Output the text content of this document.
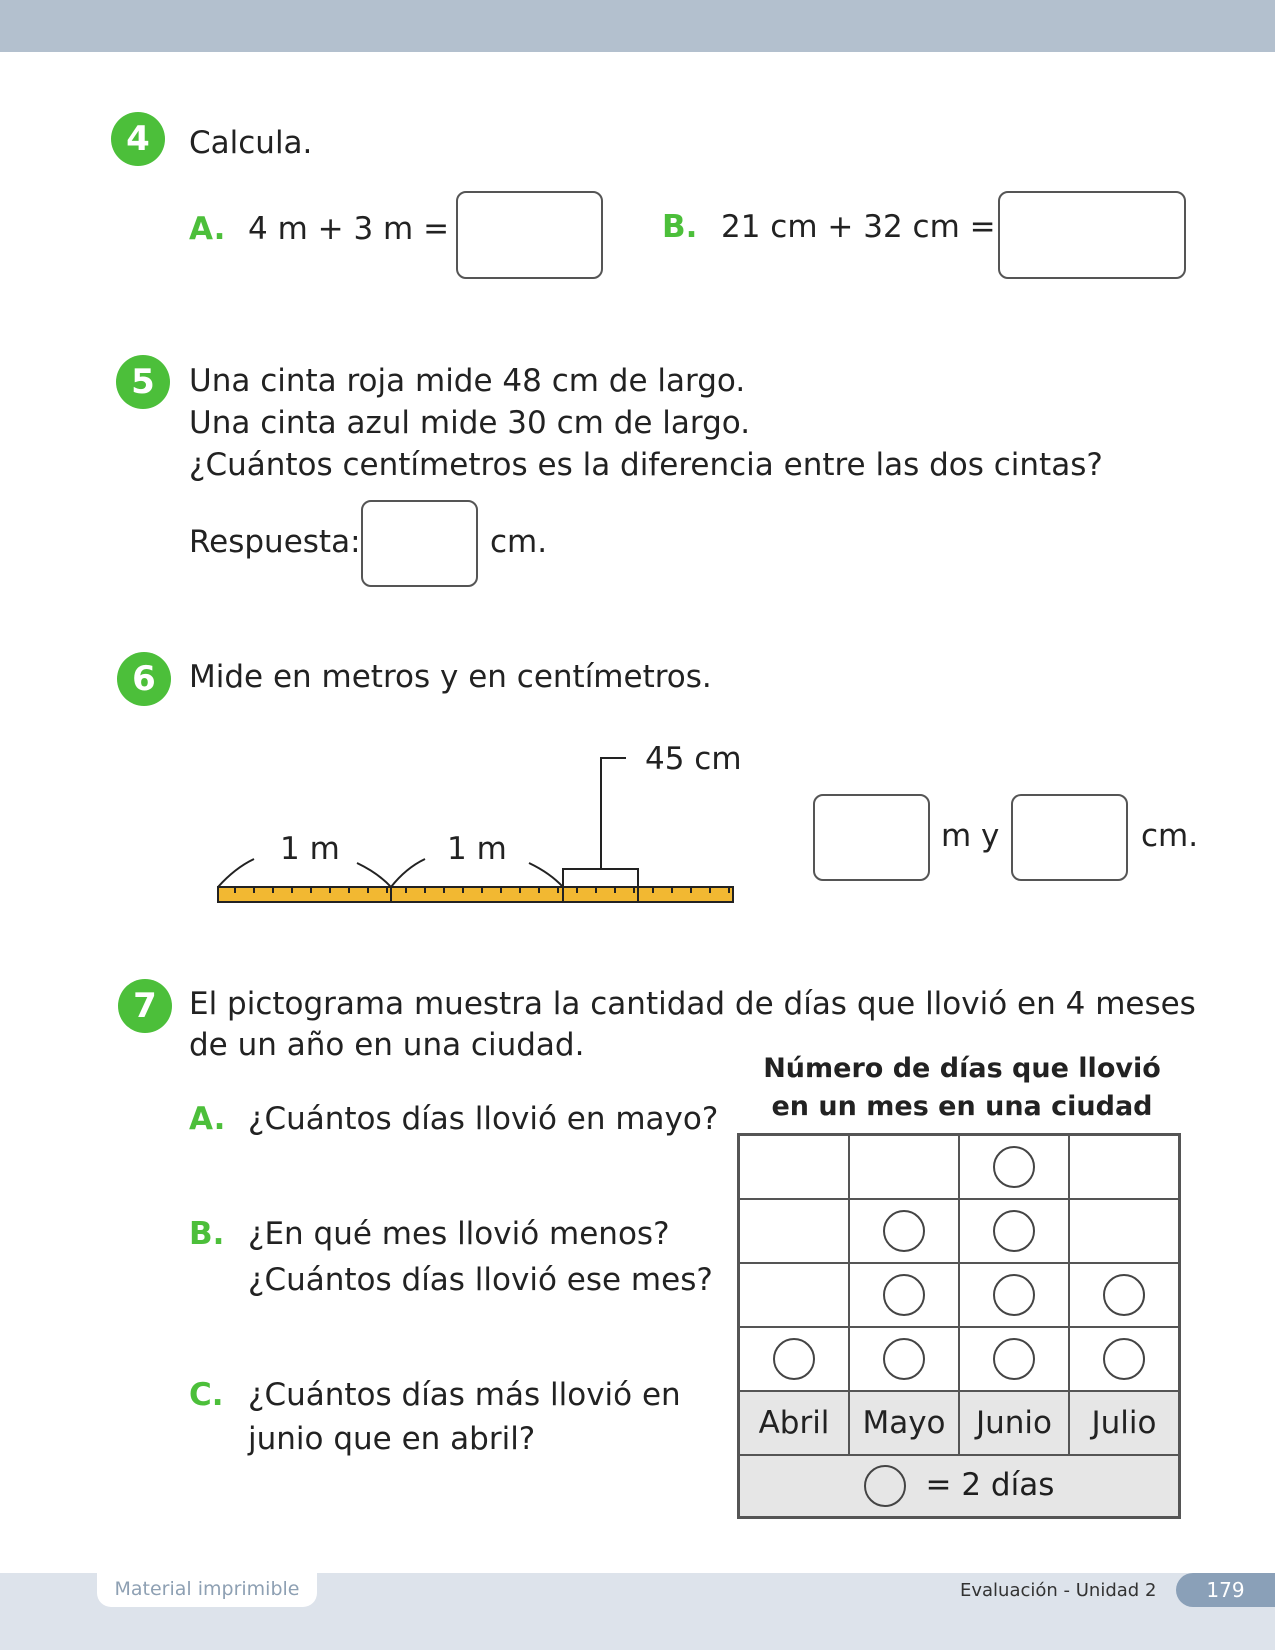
4	Calcula.
A. 4 m + 3 m =	B. 21 cm + 32 cm =
5	Una cinta roja mide 48 cm de largo.
Una cinta azul mide 30 cm de largo.
¿Cuántos centímetros es la diferencia entre las dos cintas?
Respuesta:	cm.
6	Mide en metros y en centímetros.
45 cm
1 m	1 m	m y	cm.
7	El pictograma muestra la cantidad de días que llovió en 4 meses
de un año en una ciudad.
A. ¿Cuántos días llovió en mayo?
B. ¿En qué mes llovió menos?
¿Cuántos días llovió ese mes?
C. ¿Cuántos días más llovió en
junio que en abril?
Número de días que llovió
en un mes en una ciudad

Abril	Mayo	Junio	Julio
= 2 días			
Material imprimible	Evaluación - Unidad 2	179
